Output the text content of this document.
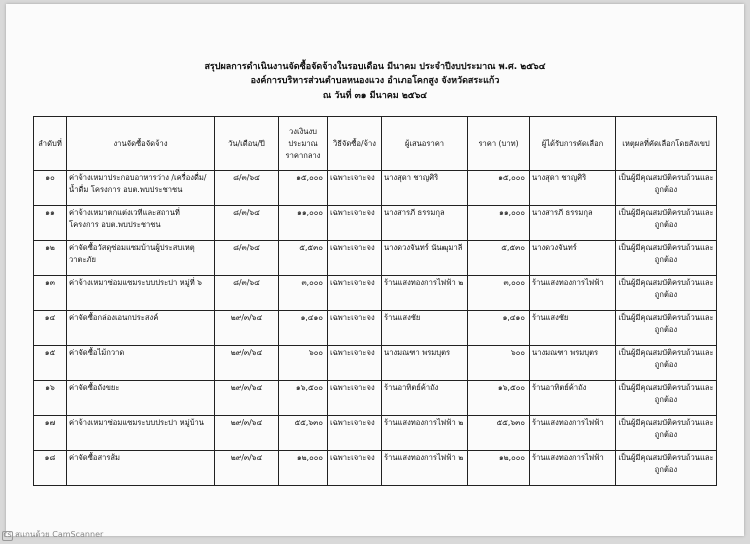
สรุปผลการดำเนินงานจัดซื้อจัดจ้างในรอบเดือน มีนาคม ประจำปีงบประมาณ พ.ศ. ๒๕๖๔
องค์การบริหารส่วนตำบลหนองแวง อำเภอโคกสูง จังหวัดสระแก้ว
ณ วันที่ ๓๑ มีนาคม ๒๕๖๔
ลำดับที่	งานจัดซื้อจัดจ้าง	วัน/เดือน/ปี	วงเงินงบประมาณราคากลาง	วิธีจัดซื้อ/จ้าง	ผู้เสนอราคา	ราคา (บาท)	ผู้ได้รับการคัดเลือก	เหตุผลที่คัดเลือกโดยสังเขป
๑๐	ค่าจ้างเหมาประกอบอาหารว่าง /เครื่องดื่ม/น้ำดื่ม โครงการ อบต.พบประชาชน	๘/๓/๖๔	๑๕,๐๐๐	เฉพาะเจาะจง	นางสุดา ชาญศิริ	๑๕,๐๐๐	นางสุดา ชาญศิริ	เป็นผู้มีคุณสมบัติครบถ้วนและถูกต้อง
๑๑	ค่าจ้างเหมาตกแต่งเวทีและสถานที่ โครงการ อบต.พบประชาชน	๘/๓/๖๔	๑๑,๐๐๐	เฉพาะเจาะจง	นางสารภี ธรรมกุล	๑๑,๐๐๐	นางสารภี ธรรมกุล	เป็นผู้มีคุณสมบัติครบถ้วนและถูกต้อง
๑๒	ค่าจัดซื้อวัสดุซ่อมแซมบ้านผู้ประสบเหตุวาตะภัย	๘/๓/๖๔	๕,๕๓๐	เฉพาะเจาะจง	นางดวงจันทร์ นันฒุมาลี	๕,๕๓๐	นางดวงจันทร์	เป็นผู้มีคุณสมบัติครบถ้วนและถูกต้อง
๑๓	ค่าจ้างเหมาซ่อมแซมระบบประปา หมู่ที่ ๖	๘/๓/๖๔	๓,๐๐๐	เฉพาะเจาะจง	ร้านแสงทองการไฟฟ้า ๒	๓,๐๐๐	ร้านแสงทองการไฟฟ้า	เป็นผู้มีคุณสมบัติครบถ้วนและถูกต้อง
๑๔	ค่าจัดซื้อกล่องเอนกประสงค์	๒๙/๓/๖๔	๑,๔๑๐	เฉพาะเจาะจง	ร้านแสงชัย	๑,๔๑๐	ร้านแสงชัย	เป็นผู้มีคุณสมบัติครบถ้วนและถูกต้อง
๑๕	ค่าจัดซื้อไม้กวาด	๒๙/๓/๖๔	๖๐๐	เฉพาะเจาะจง	นางมณฑา พรมบุตร	๖๐๐	นางมณฑา พรมบุตร	เป็นผู้มีคุณสมบัติครบถ้วนและถูกต้อง
๑๖	ค่าจัดซื้อถังขยะ	๒๙/๓/๖๔	๑๖,๕๐๐	เฉพาะเจาะจง	ร้านอาทิตย์ค้าถัง	๑๖,๕๐๐	ร้านอาทิตย์ค้าถัง	เป็นผู้มีคุณสมบัติครบถ้วนและถูกต้อง
๑๗	ค่าจ้างเหมาซ่อมแซมระบบประปา หมู่บ้าน	๒๙/๓/๖๔	๕๕,๖๓๐	เฉพาะเจาะจง	ร้านแสงทองการไฟฟ้า ๒	๕๕,๖๓๐	ร้านแสงทองการไฟฟ้า	เป็นผู้มีคุณสมบัติครบถ้วนและถูกต้อง
๑๘	ค่าจัดซื้อสารส้ม	๒๙/๓/๖๔	๑๒,๐๐๐	เฉพาะเจาะจง	ร้านแสงทองการไฟฟ้า ๒	๑๒,๐๐๐	ร้านแสงทองการไฟฟ้า	เป็นผู้มีคุณสมบัติครบถ้วนและถูกต้อง
CS สแกนด้วย CamScanner
